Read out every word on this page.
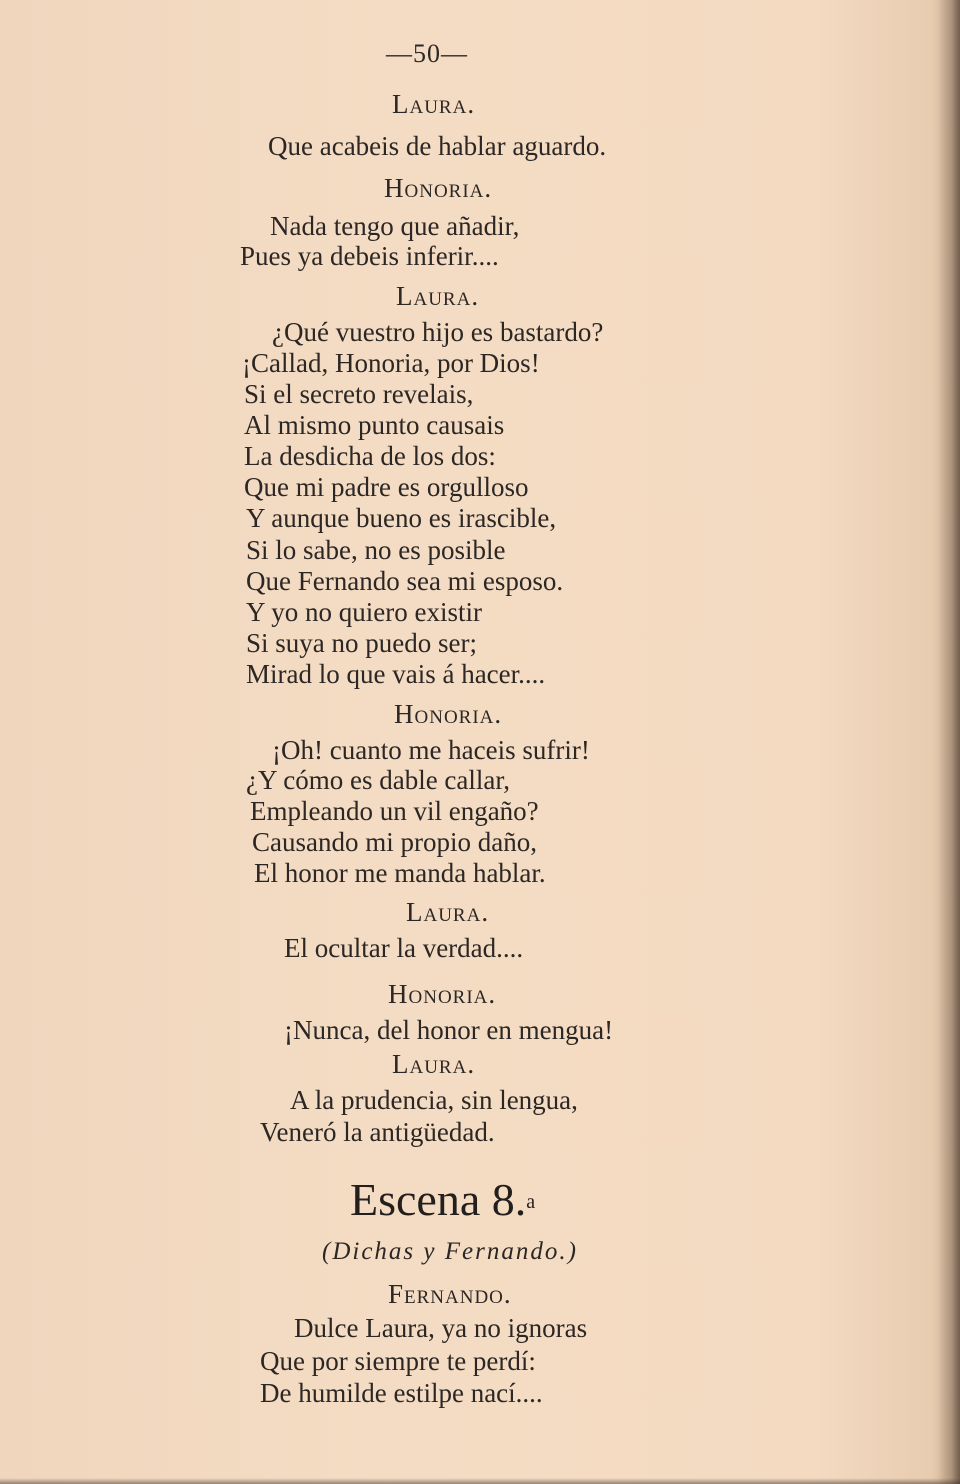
—50—
Laura.
Que acabeis de hablar aguardo.
Honoria.
Nada tengo que añadir,
Pues ya debeis inferir....
Laura.
¿Qué vuestro hijo es bastardo?
¡Callad, Honoria, por Dios!
Si el secreto revelais,
Al mismo punto causais
La desdicha de los dos:
Que mi padre es orgulloso
Y aunque bueno es irascible,
Si lo sabe, no es posible
Que Fernando sea mi esposo.
Y yo no quiero existir
Si suya no puedo ser;
Mirad lo que vais á hacer....
Honoria.
¡Oh! cuanto me haceis sufrir!
¿Y cómo es dable callar,
Empleando un vil engaño?
Causando mi propio daño,
El honor me manda hablar.
Laura.
El ocultar la verdad....
Honoria.
¡Nunca, del honor en mengua!
Laura.
A la prudencia, sin lengua,
Veneró la antigüedad.
Escena 8.$^a$
(Dichas y Fernando.)
Fernando.
Dulce Laura, ya no ignoras
Que por siempre te perdí:
De humilde estilpe nací....
